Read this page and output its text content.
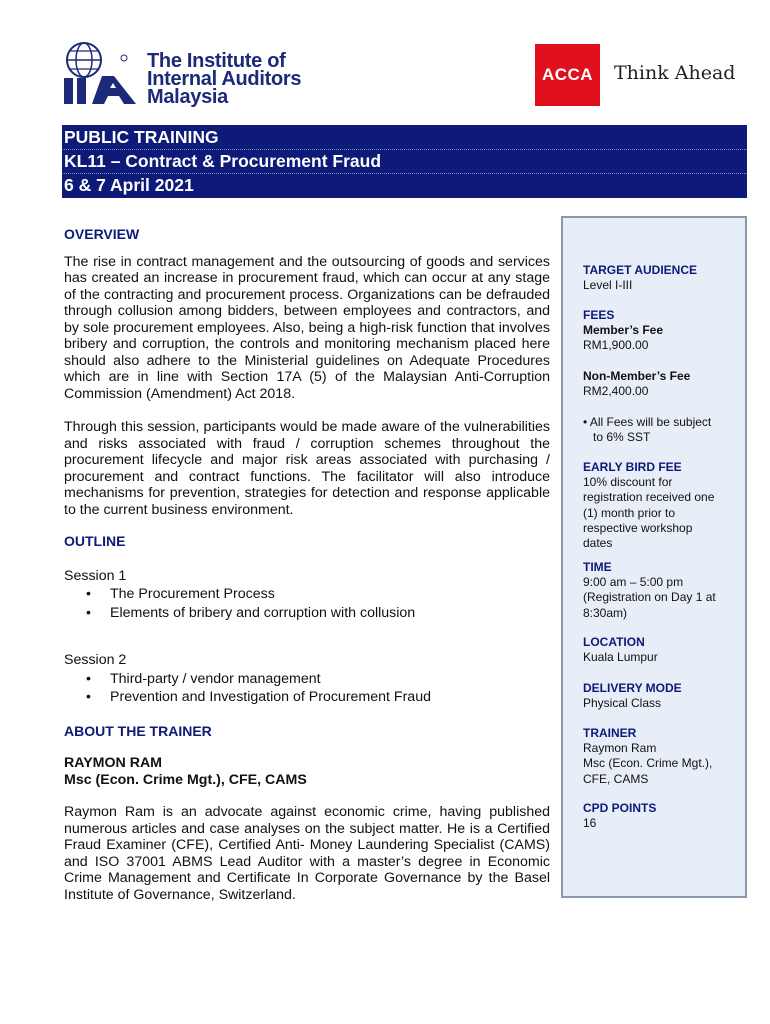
The Institute of
Internal Auditors
Malaysia
ACCA	Think Ahead
PUBLIC TRAINING
KL11 – Contract & Procurement Fraud
6 & 7 April 2021
OVERVIEW

The rise in contract management and the outsourcing of goods and services has created an increase in procurement fraud, which can occur at any stage of the contracting and procurement process. Organizations can be defrauded through collusion among bidders, between employees and contractors, and by sole procurement employees. Also, being a high-risk function that involves bribery and corruption, the controls and monitoring mechanism placed here should also adhere to the Ministerial guidelines on Adequate Procedures which are in line with Section 17A (5) of the Malaysian Anti-Corruption Commission (Amendment) Act 2018.

Through this session, participants would be made aware of the vulnerabilities and risks associated with fraud / corruption schemes throughout the procurement lifecycle and major risk areas associated with purchasing / procurement and contract functions. The facilitator will also introduce mechanisms for prevention, strategies for detection and response applicable to the current business environment.

OUTLINE
Session 1
• The Procurement Process
• Elements of bribery and corruption with collusion
Session 2
• Third-party / vendor management
• Prevention and Investigation of Procurement Fraud
ABOUT THE TRAINER
RAYMON RAM
Msc (Econ. Crime Mgt.), CFE, CAMS

Raymon Ram is an advocate against economic crime, having published numerous articles and case analyses on the subject matter. He is a Certified Fraud Examiner (CFE), Certified Anti- Money Laundering Specialist (CAMS) and ISO 37001 ABMS Lead Auditor with a master’s degree in Economic Crime Management and Certificate In Corporate Governance by the Basel Institute of Governance, Switzerland.

TARGET AUDIENCE
Level I-III
FEES
Member’s Fee
RM1,900.00
Non-Member’s Fee
RM2,400.00
• All Fees will be subject
to 6% SST
EARLY BIRD FEE
10% discount for
registration received one
(1) month prior to
respective workshop
dates
TIME
9:00 am – 5:00 pm
(Registration on Day 1 at
8:30am)
LOCATION
Kuala Lumpur
DELIVERY MODE
Physical Class
TRAINER
Raymon Ram
Msc (Econ. Crime Mgt.),
CFE, CAMS
CPD POINTS
16
